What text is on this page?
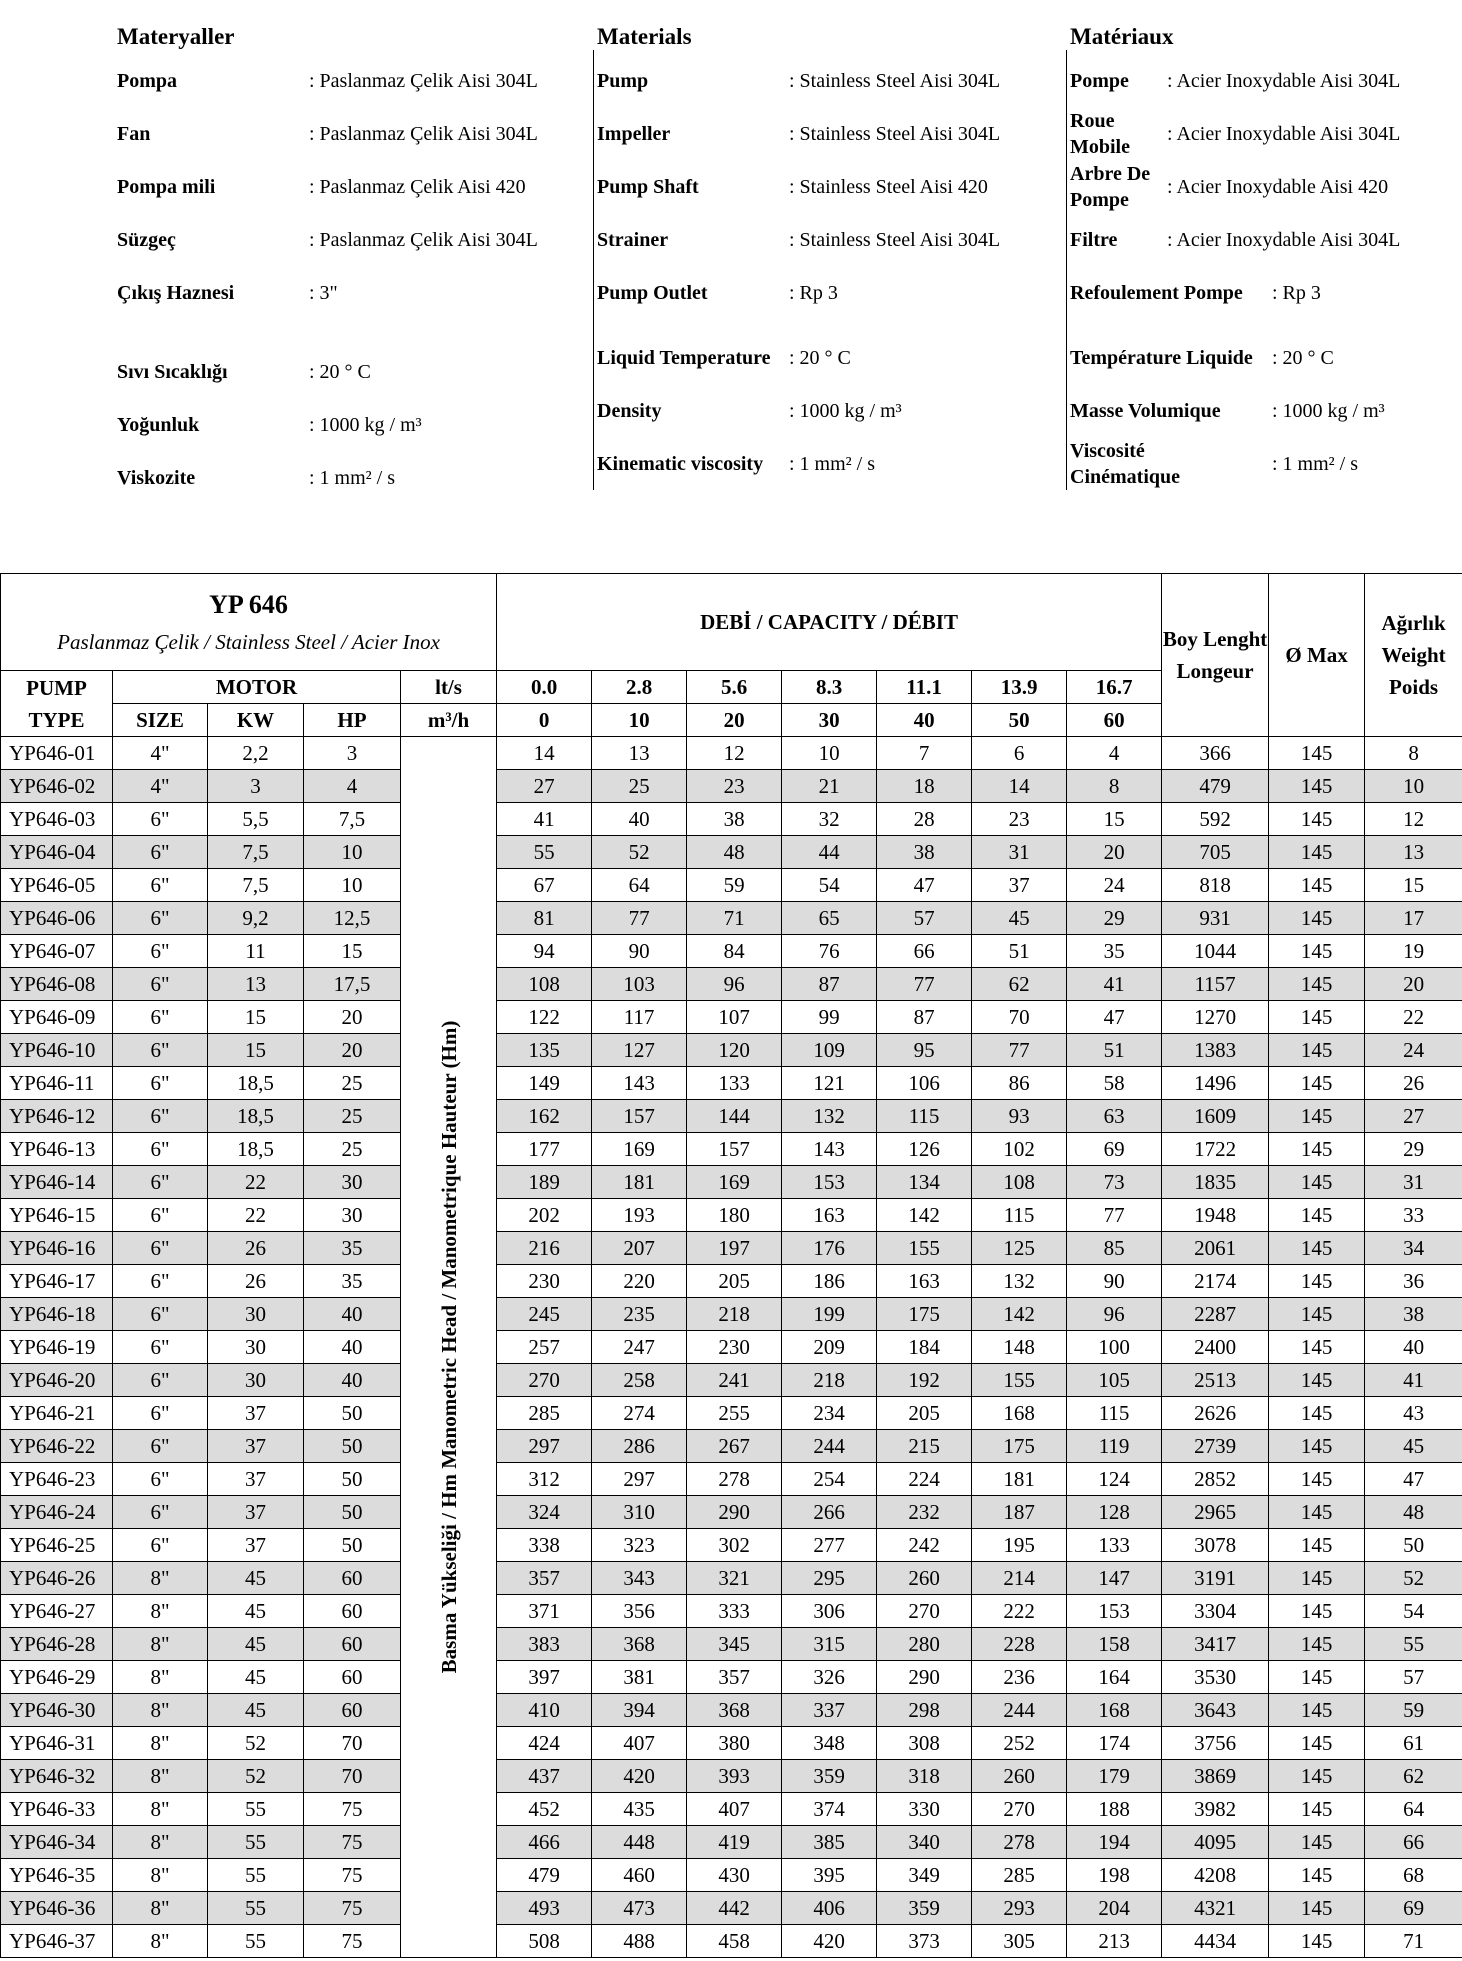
Materyaller
Pompa	: Paslanmaz Çelik Aisi 304L
Fan	: Paslanmaz Çelik Aisi 304L
Pompa mili	: Paslanmaz Çelik Aisi 420
Süzgeç	: Paslanmaz Çelik Aisi 304L
Çıkış Haznesi	: 3"
Sıvı Sıcaklığı	: 20 ° C
Yoğunluk	: 1000 kg / m³
Viskozite	: 1 mm² / s
Materials
Pump	: Stainless Steel Aisi 304L
Impeller	: Stainless Steel Aisi 304L
Pump Shaft	: Stainless Steel Aisi 420
Strainer	: Stainless Steel Aisi 304L
Pump Outlet	: Rp 3
Liquid Temperature : 20 ° C
Density	: 1000 kg / m³
Kinematic viscosity : 1 mm² / s
Matériaux
Pompe : Acier Inoxydable Aisi 304L
Roue Mobile
: Acier Inoxydable Aisi 304L
Arbre De Pompe
: Acier Inoxydable Aisi 420
Filtre : Acier Inoxydable Aisi 304L
Refoulement Pompe : Rp 3
Température Liquide : 20 ° C
Masse Volumique	: 1000 kg / m³
Viscosité Cinématique
: 1 mm² / s
YP 646
Paslanmaz Çelik / Stainless Steel / Acier Inox					DEBİ / CAPACITY / DÉBIT							Boy Lenght Longeur	Ø Max	Ağırlık Weight Poids
PUMP TYPE	MOTOR			lt/s	0.0	2.8	5.6	8.3	11.1	13.9	16.7			
	SIZE	KW	HP	m³/h	0	10	20	30	40	50	60			
YP646-01	4"	2,2	3	Basma Yükseliği / Hm Manometric Head / Manometrique Hauteur (Hm)	14	13	12	10	7	6	4	366	145	8
YP646-02	4"	3	4		27	25	23	21	18	14	8	479	145	10
YP646-03	6"	5,5	7,5		41	40	38	32	28	23	15	592	145	12
YP646-04	6"	7,5	10		55	52	48	44	38	31	20	705	145	13
YP646-05	6"	7,5	10		67	64	59	54	47	37	24	818	145	15
YP646-06	6"	9,2	12,5		81	77	71	65	57	45	29	931	145	17
YP646-07	6"	11	15		94	90	84	76	66	51	35	1044	145	19
YP646-08	6"	13	17,5		108	103	96	87	77	62	41	1157	145	20
YP646-09	6"	15	20		122	117	107	99	87	70	47	1270	145	22
YP646-10	6"	15	20		135	127	120	109	95	77	51	1383	145	24
YP646-11	6"	18,5	25		149	143	133	121	106	86	58	1496	145	26
YP646-12	6"	18,5	25		162	157	144	132	115	93	63	1609	145	27
YP646-13	6"	18,5	25		177	169	157	143	126	102	69	1722	145	29
YP646-14	6"	22	30		189	181	169	153	134	108	73	1835	145	31
YP646-15	6"	22	30		202	193	180	163	142	115	77	1948	145	33
YP646-16	6"	26	35		216	207	197	176	155	125	85	2061	145	34
YP646-17	6"	26	35		230	220	205	186	163	132	90	2174	145	36
YP646-18	6"	30	40		245	235	218	199	175	142	96	2287	145	38
YP646-19	6"	30	40		257	247	230	209	184	148	100	2400	145	40
YP646-20	6"	30	40		270	258	241	218	192	155	105	2513	145	41
YP646-21	6"	37	50		285	274	255	234	205	168	115	2626	145	43
YP646-22	6"	37	50		297	286	267	244	215	175	119	2739	145	45
YP646-23	6"	37	50		312	297	278	254	224	181	124	2852	145	47
YP646-24	6"	37	50		324	310	290	266	232	187	128	2965	145	48
YP646-25	6"	37	50		338	323	302	277	242	195	133	3078	145	50
YP646-26	8"	45	60		357	343	321	295	260	214	147	3191	145	52
YP646-27	8"	45	60		371	356	333	306	270	222	153	3304	145	54
YP646-28	8"	45	60		383	368	345	315	280	228	158	3417	145	55
YP646-29	8"	45	60		397	381	357	326	290	236	164	3530	145	57
YP646-30	8"	45	60		410	394	368	337	298	244	168	3643	145	59
YP646-31	8"	52	70		424	407	380	348	308	252	174	3756	145	61
YP646-32	8"	52	70		437	420	393	359	318	260	179	3869	145	62
YP646-33	8"	55	75		452	435	407	374	330	270	188	3982	145	64
YP646-34	8"	55	75		466	448	419	385	340	278	194	4095	145	66
YP646-35	8"	55	75		479	460	430	395	349	285	198	4208	145	68
YP646-36	8"	55	75		493	473	442	406	359	293	204	4321	145	69
YP646-37	8"	55	75		508	488	458	420	373	305	213	4434	145	71
